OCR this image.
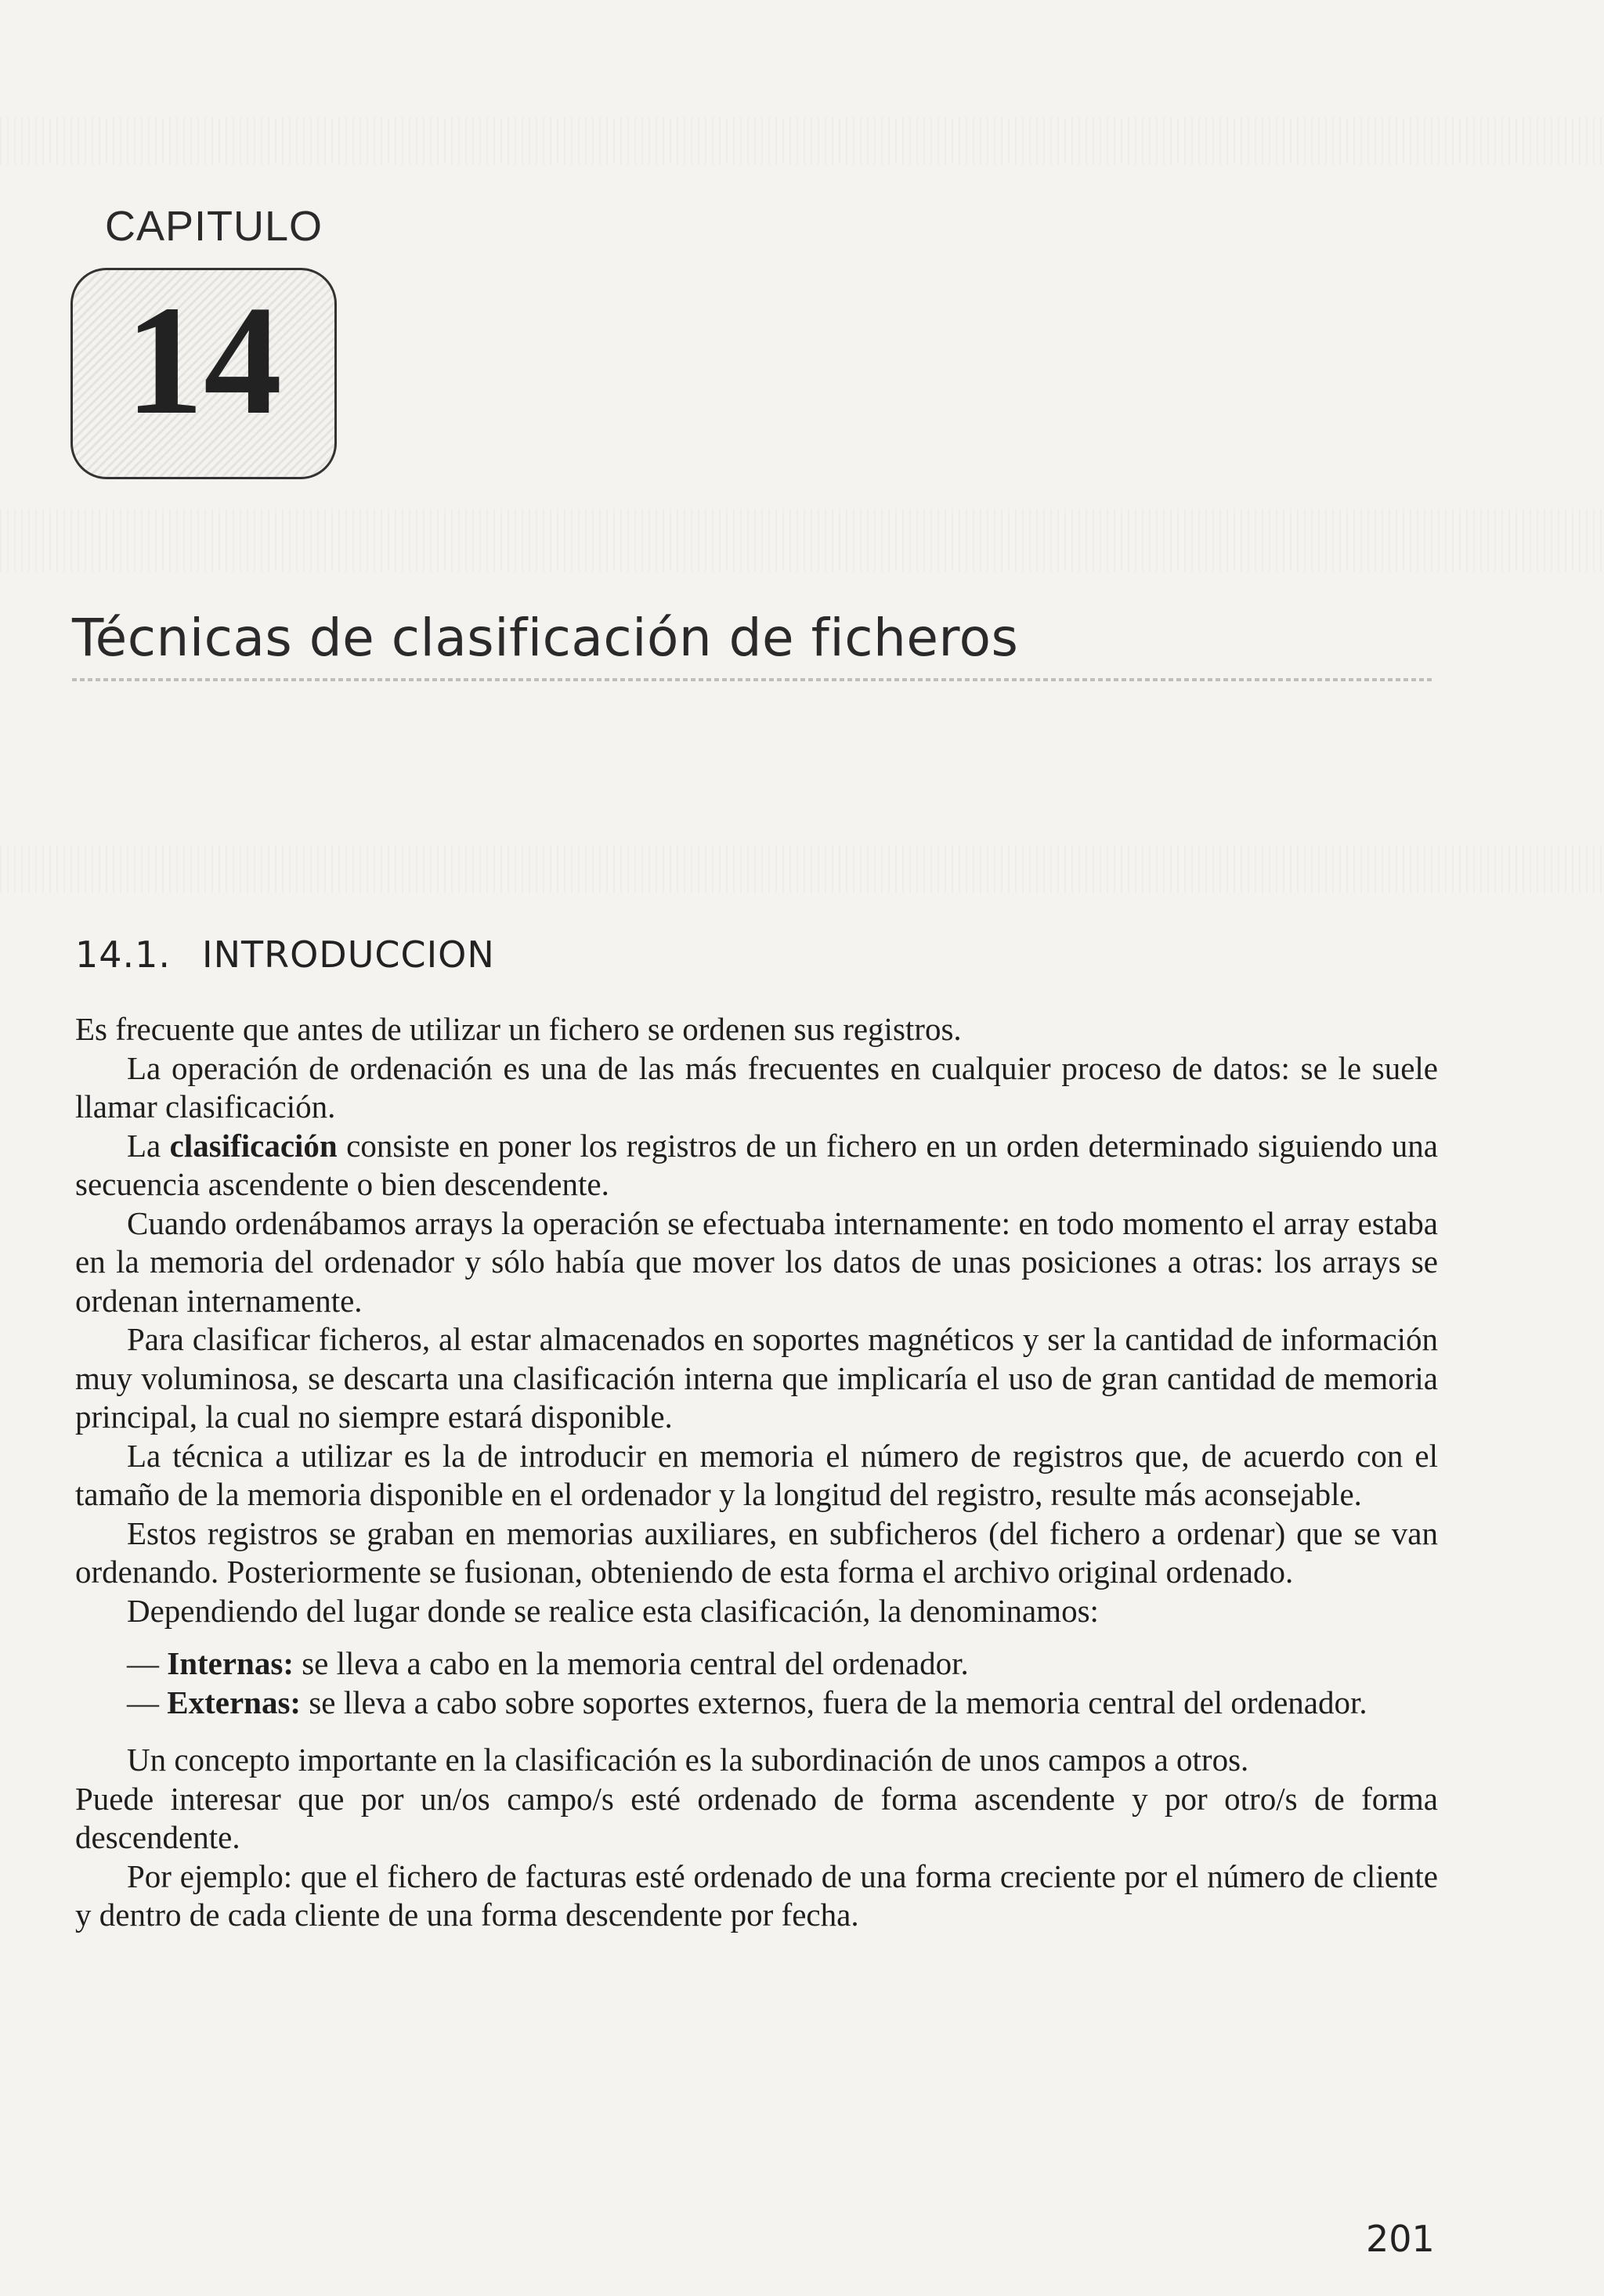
CAPITULO
14
Técnicas de clasificación de ficheros
14.1. INTRODUCCION

Es frecuente que antes de utilizar un fichero se ordenen sus registros.

La operación de ordenación es una de las más frecuentes en cualquier proceso de datos: se le suele llamar clasificación.

La clasificación consiste en poner los registros de un fichero en un orden determinado siguiendo una secuencia ascendente o bien descendente.

Cuando ordenábamos arrays la operación se efectuaba internamente: en todo momento el array estaba en la memoria del ordenador y sólo había que mover los datos de unas posiciones a otras: los arrays se ordenan internamente.

Para clasificar ficheros, al estar almacenados en soportes magnéticos y ser la cantidad de información muy voluminosa, se descarta una clasificación interna que implicaría el uso de gran cantidad de memoria principal, la cual no siempre estará disponible.

La técnica a utilizar es la de introducir en memoria el número de registros que, de acuerdo con el tamaño de la memoria disponible en el ordenador y la longitud del registro, resulte más aconsejable.

Estos registros se graban en memorias auxiliares, en subficheros (del fichero a ordenar) que se van ordenando. Posteriormente se fusionan, obteniendo de esta forma el archivo original ordenado.

Dependiendo del lugar donde se realice esta clasificación, la denominamos:

— Internas: se lleva a cabo en la memoria central del ordenador.
— Externas: se lleva a cabo sobre soportes externos, fuera de la memoria central del ordenador.

Un concepto importante en la clasificación es la subordinación de unos campos a otros.

Puede interesar que por un/os campo/s esté ordenado de forma ascendente y por otro/s de forma descendente.

Por ejemplo: que el fichero de facturas esté ordenado de una forma creciente por el número de cliente y dentro de cada cliente de una forma descendente por fecha.

201
